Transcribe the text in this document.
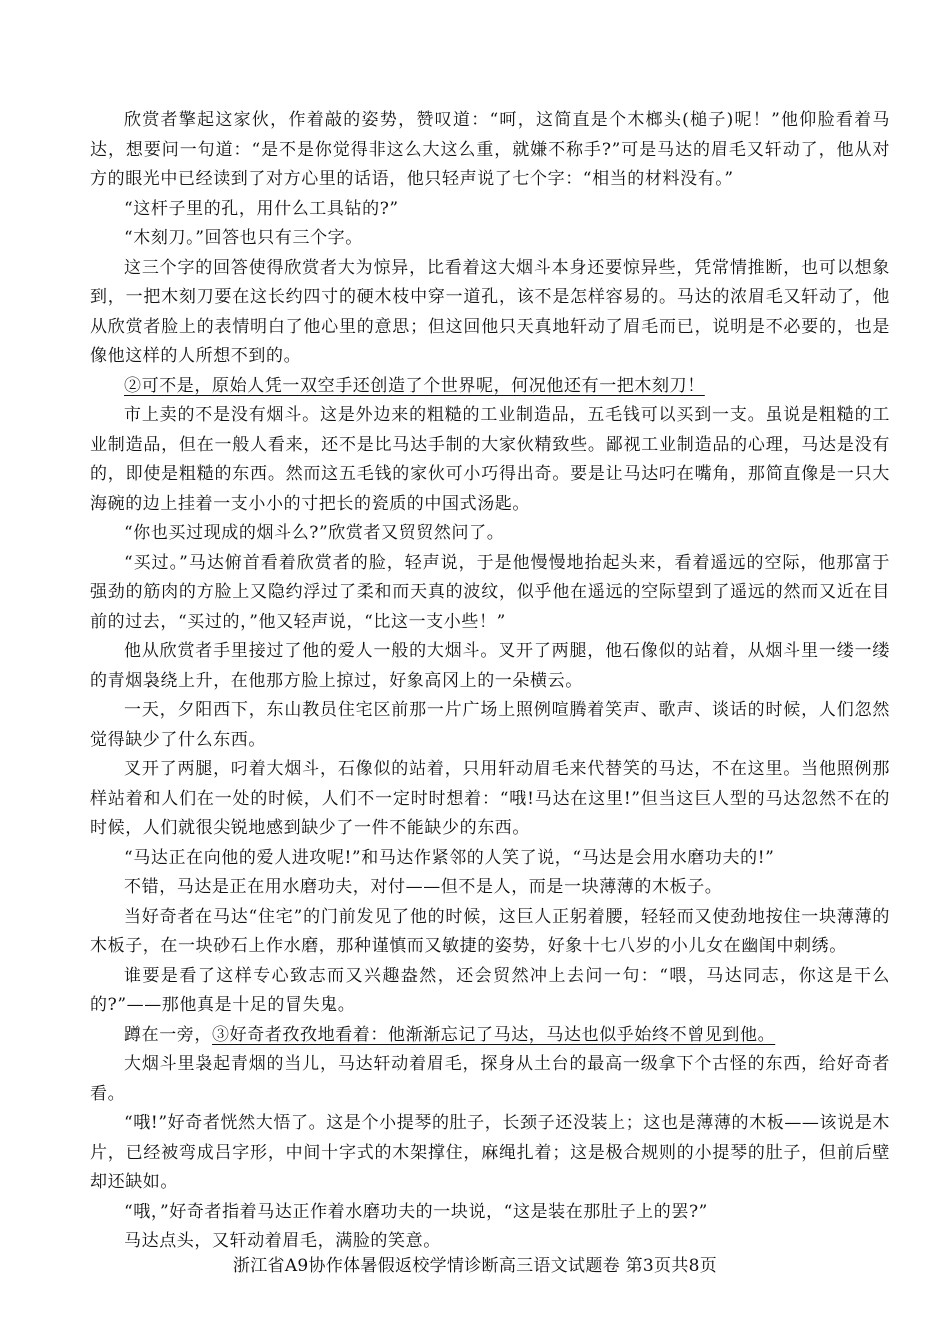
欣赏者擎起这家伙，作着敲的姿势，赞叹道：“呵，这简直是个木榔头(槌子)呢！”他仰脸看着马达，想要问一句道：“是不是你觉得非这么大这么重，就嫌不称手?”可是马达的眉毛又轩动了，他从对方的眼光中已经读到了对方心里的话语，他只轻声说了七个字：“相当的材料没有。”

“这杆子里的孔，用什么工具钻的?”

“木刻刀。”回答也只有三个字。

这三个字的回答使得欣赏者大为惊异，比看着这大烟斗本身还要惊异些，凭常情推断，也可以想象到，一把木刻刀要在这长约四寸的硬木枝中穿一道孔，该不是怎样容易的。马达的浓眉毛又轩动了，他从欣赏者脸上的表情明白了他心里的意思；但这回他只天真地轩动了眉毛而已，说明是不必要的，也是像他这样的人所想不到的。

②可不是，原始人凭一双空手还创造了个世界呢，何况他还有一把木刻刀！

市上卖的不是没有烟斗。这是外边来的粗糙的工业制造品，五毛钱可以买到一支。虽说是粗糙的工业制造品，但在一般人看来，还不是比马达手制的大家伙精致些。鄙视工业制造品的心理，马达是没有的，即使是粗糙的东西。然而这五毛钱的家伙可小巧得出奇。要是让马达叼在嘴角，那简直像是一只大海碗的边上挂着一支小小的寸把长的瓷质的中国式汤匙。

“你也买过现成的烟斗么?”欣赏者又贸贸然问了。

“买过。”马达俯首看着欣赏者的脸，轻声说，于是他慢慢地抬起头来，看着遥远的空际，他那富于强劲的筋肉的方脸上又隐约浮过了柔和而天真的波纹，似乎他在遥远的空际望到了遥远的然而又近在目前的过去，“买过的，”他又轻声说，“比这一支小些！”

他从欣赏者手里接过了他的爱人一般的大烟斗。叉开了两腿，他石像似的站着，从烟斗里一缕一缕的青烟袅绕上升，在他那方脸上掠过，好象高冈上的一朵横云。

一天，夕阳西下，东山教员住宅区前那一片广场上照例喧腾着笑声、歌声、谈话的时候，人们忽然觉得缺少了什么东西。

叉开了两腿，叼着大烟斗，石像似的站着，只用轩动眉毛来代替笑的马达，不在这里。当他照例那样站着和人们在一处的时候，人们不一定时时想着：“哦!马达在这里!”但当这巨人型的马达忽然不在的时候，人们就很尖锐地感到缺少了一件不能缺少的东西。

“马达正在向他的爱人进攻呢!”和马达作紧邻的人笑了说，“马达是会用水磨功夫的!”

不错，马达是正在用水磨功夫，对付——但不是人，而是一块薄薄的木板子。

当好奇者在马达“住宅”的门前发见了他的时候，这巨人正躬着腰，轻轻而又使劲地按住一块薄薄的木板子，在一块砂石上作水磨，那种谨慎而又敏捷的姿势，好象十七八岁的小儿女在幽闺中刺绣。

谁要是看了这样专心致志而又兴趣盎然，还会贸然冲上去问一句：“喂，马达同志，你这是干么的?”——那他真是十足的冒失鬼。

蹲在一旁，③好奇者孜孜地看着：他渐渐忘记了马达，马达也似乎始终不曾见到他。

大烟斗里袅起青烟的当儿，马达轩动着眉毛，探身从土台的最高一级拿下个古怪的东西，给好奇者看。

“哦!”好奇者恍然大悟了。这是个小提琴的肚子，长颈子还没装上；这也是薄薄的木板——该说是木片，已经被弯成吕字形，中间十字式的木架撑住，麻绳扎着；这是极合规则的小提琴的肚子，但前后壁却还缺如。

“哦，”好奇者指着马达正作着水磨功夫的一块说，“这是装在那肚子上的罢?”

马达点头，又轩动着眉毛，满脸的笑意。

浙江省A9协作体暑假返校学情诊断高三语文试题卷 第3页共8页
